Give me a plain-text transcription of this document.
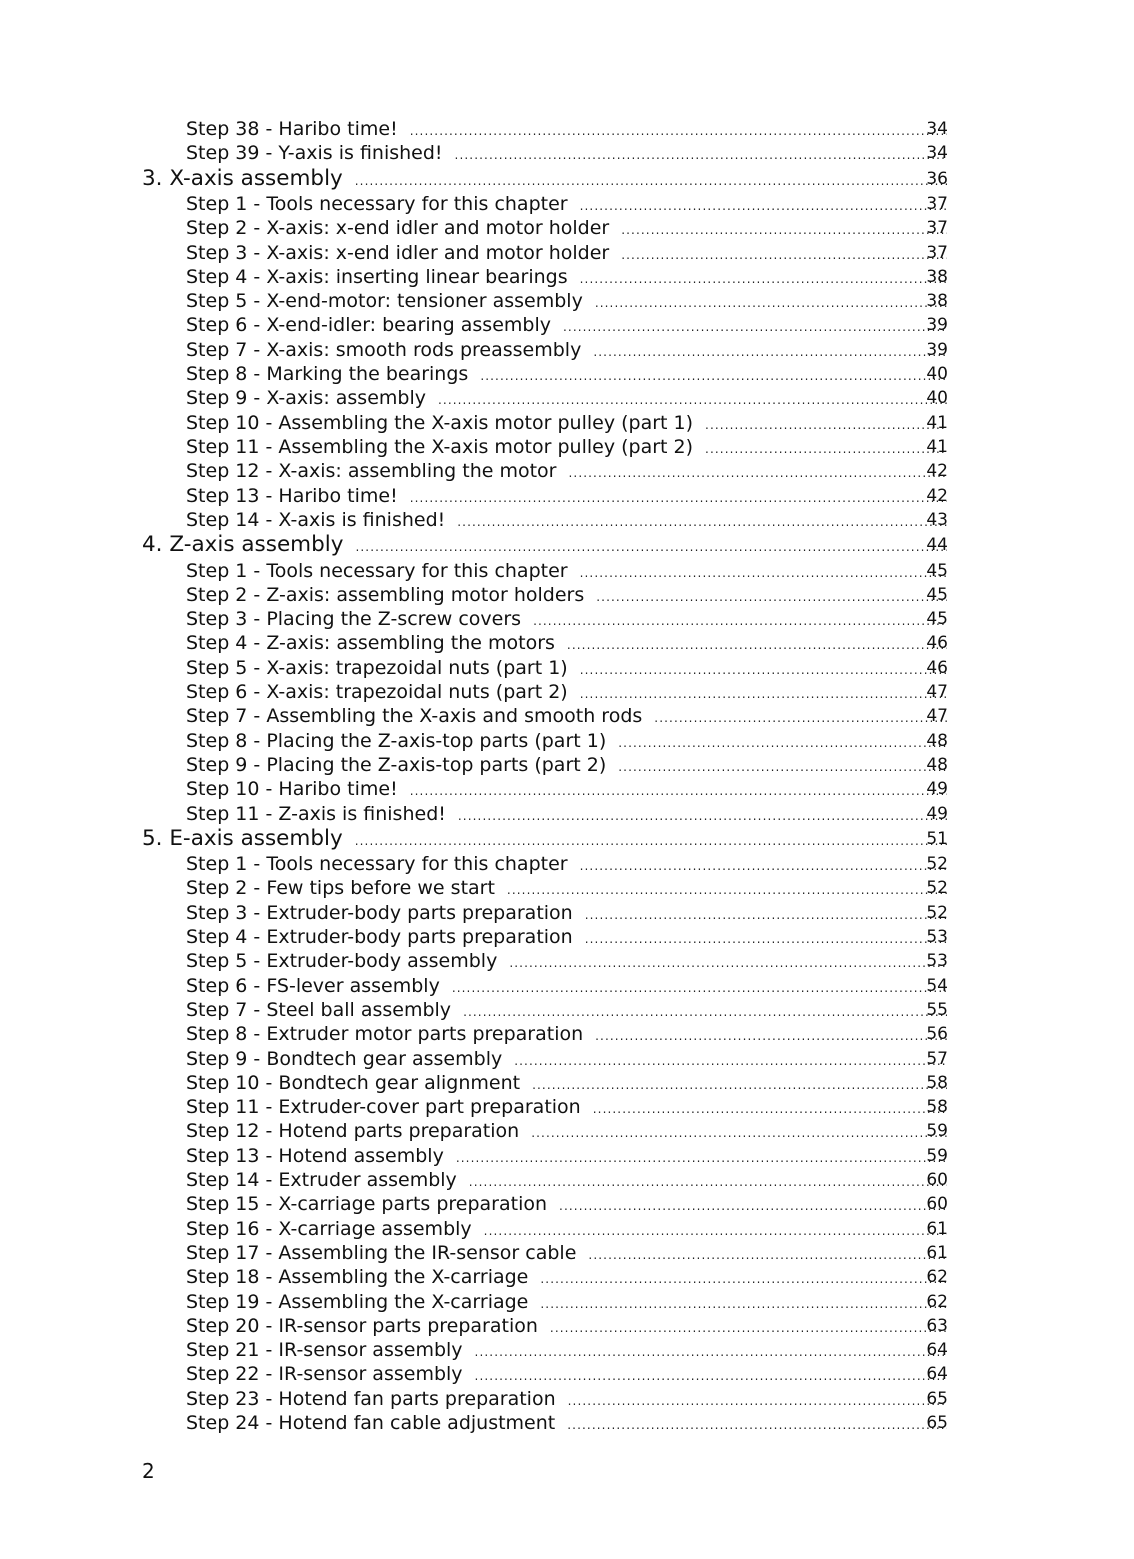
Step 38 - Haribo time! .....	34
Step 39 - Y-axis is finished! .....	34
3. X-axis assembly .....	36
Step 1 - Tools necessary for this chapter .....	37
Step 2 - X-axis: x-end idler and motor holder .....	37
Step 3 - X-axis: x-end idler and motor holder .....	37
Step 4 - X-axis: inserting linear bearings .....	38
Step 5 - X-end-motor: tensioner assembly .....	38
Step 6 - X-end-idler: bearing assembly .....	39
Step 7 - X-axis: smooth rods preassembly .....	39
Step 8 - Marking the bearings .....	40
Step 9 - X-axis: assembly .....	40
Step 10 - Assembling the X-axis motor pulley (part 1) .....	41
Step 11 - Assembling the X-axis motor pulley (part 2) .....	41
Step 12 - X-axis: assembling the motor .....	42
Step 13 - Haribo time! .....	42
Step 14 - X-axis is finished! .....	43
4. Z-axis assembly .....	44
Step 1 - Tools necessary for this chapter .....	45
Step 2 - Z-axis: assembling motor holders .....	45
Step 3 - Placing the Z-screw covers .....	45
Step 4 - Z-axis: assembling the motors .....	46
Step 5 - X-axis: trapezoidal nuts (part 1) .....	46
Step 6 - X-axis: trapezoidal nuts (part 2) .....	47
Step 7 - Assembling the X-axis and smooth rods .....	47
Step 8 - Placing the Z-axis-top parts (part 1) .....	48
Step 9 - Placing the Z-axis-top parts (part 2) .....	48
Step 10 - Haribo time! .....	49
Step 11 - Z-axis is finished! .....	49
5. E-axis assembly .....	51
Step 1 - Tools necessary for this chapter .....	52
Step 2 - Few tips before we start .....	52
Step 3 - Extruder-body parts preparation .....	52
Step 4 - Extruder-body parts preparation .....	53
Step 5 - Extruder-body assembly .....	53
Step 6 - FS-lever assembly .....	54
Step 7 - Steel ball assembly .....	55
Step 8 - Extruder motor parts preparation .....	56
Step 9 - Bondtech gear assembly .....	57
Step 10 - Bondtech gear alignment .....	58
Step 11 - Extruder-cover part preparation .....	58
Step 12 - Hotend parts preparation .....	59
Step 13 - Hotend assembly .....	59
Step 14 - Extruder assembly .....	60
Step 15 - X-carriage parts preparation .....	60
Step 16 - X-carriage assembly .....	61
Step 17 - Assembling the IR-sensor cable .....	61
Step 18 - Assembling the X-carriage .....	62
Step 19 - Assembling the X-carriage .....	62
Step 20 - IR-sensor parts preparation .....	63
Step 21 - IR-sensor assembly .....	64
Step 22 - IR-sensor assembly .....	64
Step 23 - Hotend fan parts preparation .....	65
Step 24 - Hotend fan cable adjustment .....	65
2
